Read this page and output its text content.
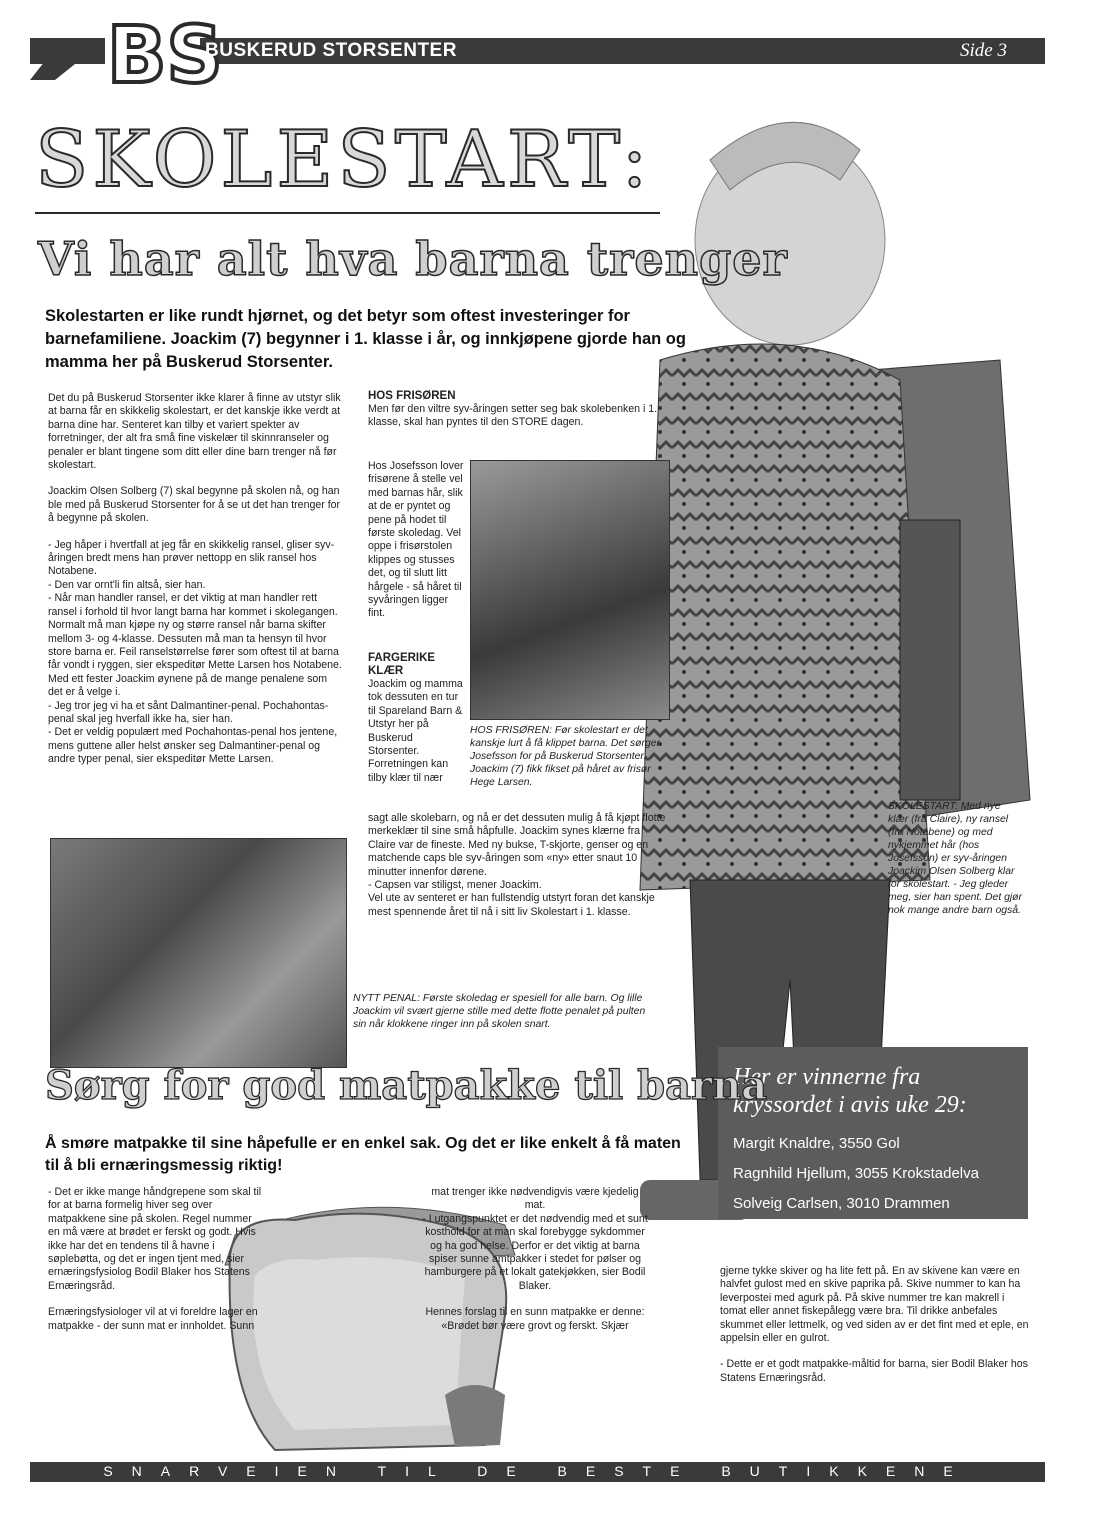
BS
BUSKERUD STORSENTER	Side 3
SKOLESTART:
Vi har alt hva barna trenger
Skolestarten er like rundt hjørnet, og det betyr som oftest investeringer for barnefamiliene. Joackim (7) begynner i 1. klasse i år, og innkjøpene gjorde han og mamma her på Buskerud Storsenter.

Det du på Buskerud Storsenter ikke klarer å finne av utstyr slik at barna får en skikkelig skolestart, er det kanskje ikke verdt at barna dine har. Senteret kan tilby et variert spekter av forretninger, der alt fra små fine viskelær til skinnranseler og penaler er blant tingene som ditt eller dine barn trenger nå før skolestart.

Joackim Olsen Solberg (7) skal begynne på skolen nå, og han ble med på Buskerud Storsenter for å se ut det han trenger for å begynne på skolen.

- Jeg håper i hvertfall at jeg får en skikkelig ransel, gliser syv-åringen bredt mens han prøver nettopp en slik ransel hos Notabene.
- Den var ornt'li fin altså, sier han.
- Når man handler ransel, er det viktig at man handler rett ransel i forhold til hvor langt barna har kommet i skolegangen. Normalt må man kjøpe ny og større ransel når barna skifter mellom 3- og 4-klasse. Dessuten må man ta hensyn til hvor store barna er. Feil ranselstørrelse fører som oftest til at barna får vondt i ryggen, sier ekspeditør Mette Larsen hos Notabene. Med ett fester Joackim øynene på de mange penalene som det er å velge i.
- Jeg tror jeg vi ha et sånt Dalmantiner-penal. Pochahontas-penal skal jeg hverfall ikke ha, sier han.
- Det er veldig populært med Pochahontas-penal hos jentene, mens guttene aller helst ønsker seg Dalmantiner-penal og andre typer penal, sier ekspeditør Mette Larsen.

HOS FRISØREN
Men før den viltre syv-åringen setter seg bak skolebenken i 1. klasse, skal han pyntes til den STORE dagen.
Hos Josefsson lover frisørene å stelle vel med barnas hår, slik at de er pyntet og pene på hodet til første skoledag. Vel oppe i frisørstolen klippes og stusses det, og til slutt litt hårgele - så håret til syvåringen ligger fint.
FARGERIKE KLÆR
Joackim og mamma tok dessuten en tur til Spareland Barn & Utstyr her på Buskerud Storsenter. Forretningen kan tilby klær til nær
sagt alle skolebarn, og nå er det dessuten mulig å få kjøpt flotte merkeklær til sine små håpfulle. Joackim synes klærne fra Claire var de fineste. Med ny bukse, T-skjorte, genser og en matchende caps ble syv-åringen som «ny» etter snaut 10 minutter innenfor dørene.
- Capsen var stiligst, mener Joackim.
Vel ute av senteret er han fullstendig utstyrt foran det kanskje mest spennende året til nå i sitt liv Skolestart i 1. klasse.
HOS FRISØREN: Før skolestart er det kanskje lurt å få klippet barna. Det sørger Josefsson for på Buskerud Storsenter. Joackim (7) fikk fikset på håret av frisør Hege Larsen.
NYTT PENAL: Første skoledag er spesiell for alle barn. Og lille Joackim vil svært gjerne stille med dette flotte penalet på pulten sin når klokkene ringer inn på skolen snart.
SKOLESTART: Med nye klær (fra Claire), ny ransel (fra Notabene) og med nykjemmet hår (hos Josefsson) er syv-åringen Joackim Olsen Solberg klar for skolestart. - Jeg gleder meg, sier han spent. Det gjør nok mange andre barn også.
Her er vinnerne fra kryssordet i avis uke 29:
Margit Knaldre, 3550 Gol
Ragnhild Hjellum, 3055 Krokstadelva
Solveig Carlsen, 3010 Drammen
Sørg for god matpakke til barna
Å smøre matpakke til sine håpefulle er en enkel sak. Og det er like enkelt å få maten til å bli ernæringsmessig riktig!

- Det er ikke mange håndgrepene som skal til for at barna formelig hiver seg over matpakkene sine på skolen. Regel nummer en må være at brødet er ferskt og godt. Hvis ikke har det en tendens til å havne i søplebøtta, og det er ingen tjent med, sier ernæringsfysiolog Bodil Blaker hos Statens Ernæringsråd.

Ernæringsfysiologer vil at vi foreldre lager en matpakke - der sunn mat er innholdet. Sunn

mat trenger ikke nødvendigvis være kjedelig mat.
- I utgangspunktet er det nødvendig med et sunt kosthold for at man skal forebygge sykdommer og ha god helse. Derfor er det viktig at barna spiser sunne amtpakker i stedet for pølser og hamburgere på et lokalt gatekjøkken, sier Bodil Blaker.

Hennes forslag til en sunn matpakke er denne:
«Brødet bør være grovt og ferskt. Skjær

gjerne tykke skiver og ha lite fett på. En av skivene kan være en halvfet gulost med en skive paprika på. Skive nummer to kan ha leverpostei med agurk på. På skive nummer tre kan makrell i tomat eller annet fiskepålegg være bra. Til drikke anbefales skummet eller lettmelk, og ved siden av er det fint med et eple, en appelsin eller en gulrot.

- Dette er et godt matpakke-måltid for barna, sier Bodil Blaker hos Statens Ernæringsråd.

SNARVEIEN TIL DE BESTE BUTIKKENE
